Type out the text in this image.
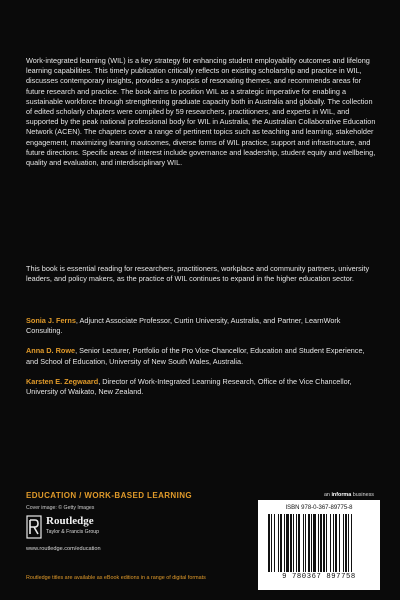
Work-integrated learning (WIL) is a key strategy for enhancing student employability outcomes and lifelong learning capabilities. This timely publication critically reflects on existing scholarship and practice in WIL, discusses contemporary insights, provides a synopsis of resonating themes, and recommends areas for future research and practice. The book aims to position WIL as a strategic imperative for enabling a sustainable workforce through strengthening graduate capacity both in Australia and globally. The collection of edited scholarly chapters were compiled by 59 researchers, practitioners, and experts in WIL, and supported by the peak national professional body for WIL in Australia, the Australian Collaborative Education Network (ACEN). The chapters cover a range of pertinent topics such as teaching and learning, stakeholder engagement, maximizing learning outcomes, diverse forms of WIL practice, support and infrastructure, and future directions. Specific areas of interest include governance and leadership, student equity and wellbeing, quality and evaluation, and interdisciplinary WIL.

This book is essential reading for researchers, practitioners, workplace and community partners, university leaders, and policy makers, as the practice of WIL continues to expand in the higher education sector.

Sonia J. Ferns, Adjunct Associate Professor, Curtin University, Australia, and Partner, LearnWork Consulting.

Anna D. Rowe, Senior Lecturer, Portfolio of the Pro Vice-Chancellor, Education and Student Experience, and School of Education, University of New South Wales, Australia.

Karsten E. Zegwaard, Director of Work-Integrated Learning Research, Office of the Vice Chancellor, University of Waikato, New Zealand.

EDUCATION / WORK-BASED LEARNING
Cover image: © Getty Images
Routledge
Taylor & Francis Group
www.routledge.com/education
Routledge titles are available as eBook editions in a range of digital formats
an informa business
ISBN 978-0-367-89775-8
9 780367 897758
